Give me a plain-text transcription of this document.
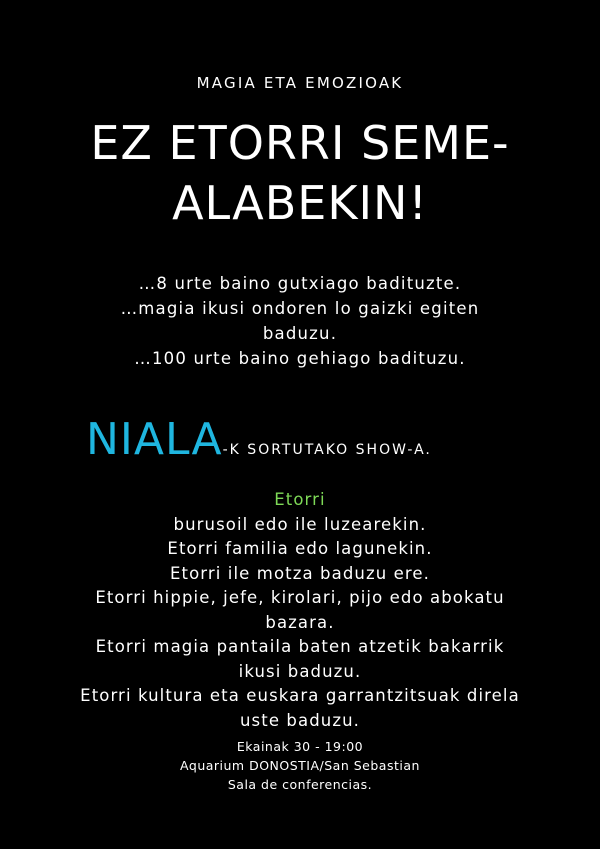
MAGIA ETA EMOZIOAK
EZ ETORRI SEME-
ALABEKIN!
…8 urte baino gutxiago badituzte.
…magia ikusi ondoren lo gaizki egiten
baduzu.
…100 urte baino gehiago badituzu.
NIALA-K SORTUTAKO SHOW-A.
Etorri
burusoil edo ile luzearekin.
Etorri familia edo lagunekin.
Etorri ile motza baduzu ere.
Etorri hippie, jefe, kirolari, pijo edo abokatu
bazara.
Etorri magia pantaila baten atzetik bakarrik
ikusi baduzu.
Etorri kultura eta euskara garrantzitsuak direla
uste baduzu.
Ekainak 30 - 19:00
Aquarium DONOSTIA/San Sebastian
Sala de conferencias.
